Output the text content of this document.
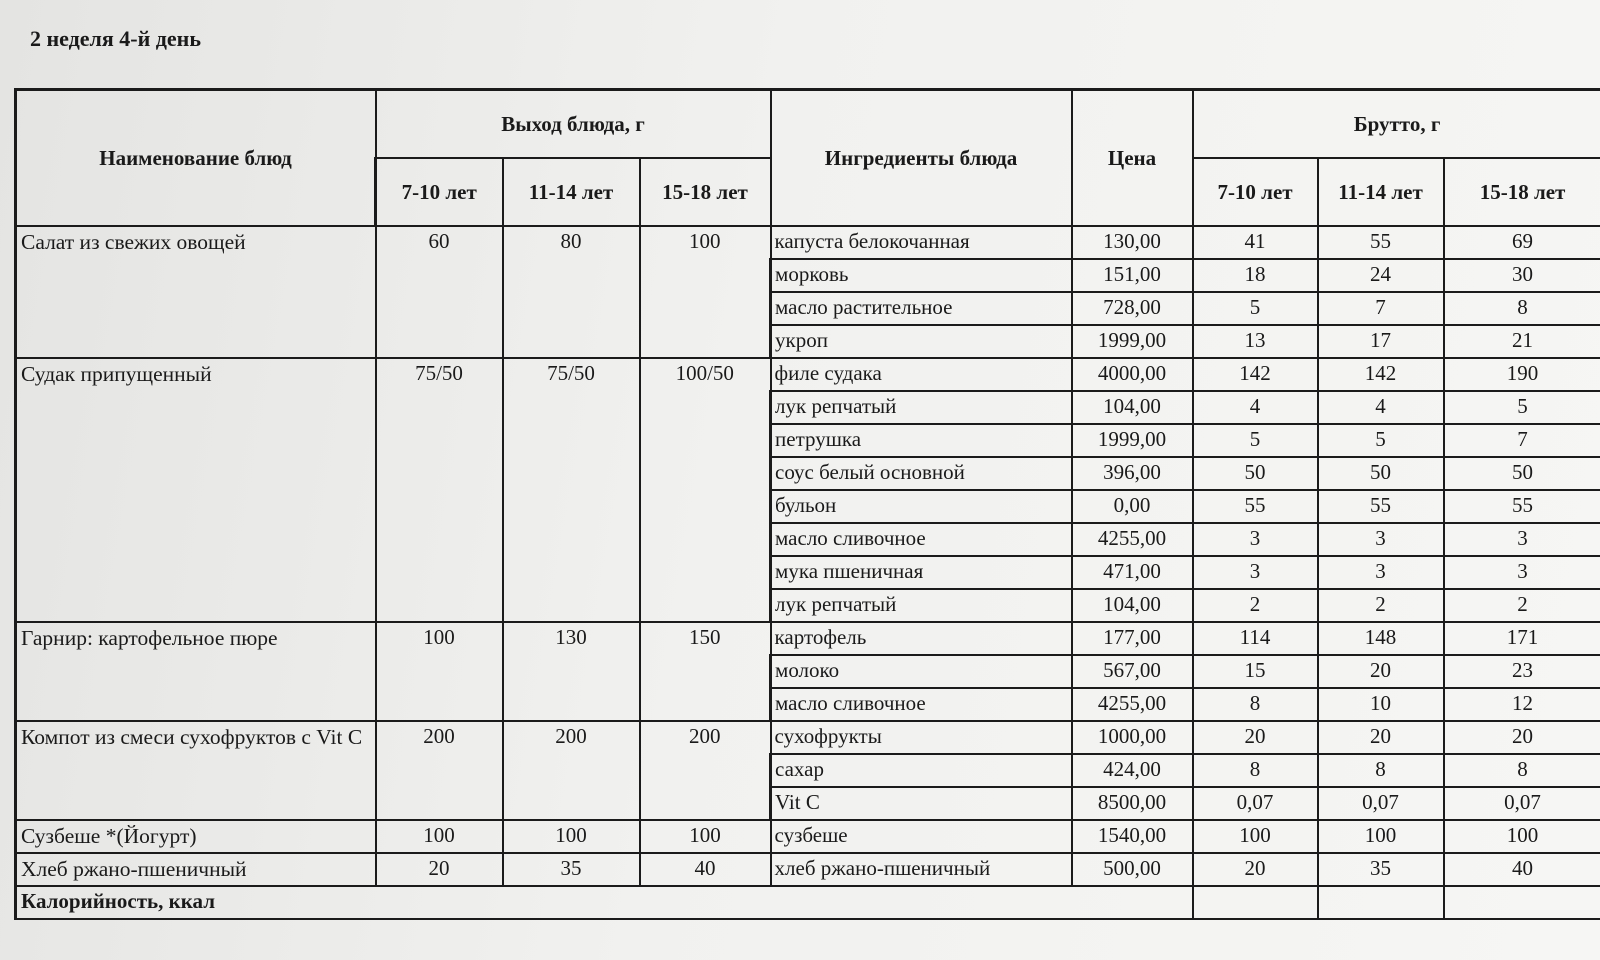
2 неделя 4-й день
Наименование блюд	Выход блюда, г			Ингредиенты блюда	Цена	Брутто, г		
	7-10 лет	11-14 лет	15-18 лет			7-10 лет	11-14 лет	15-18 лет
Салат из свежих овощей	60	80	100	капуста белокочанная	130,00	41	55	69
				морковь	151,00	18	24	30
				масло растительное	728,00	5	7	8
				укроп	1999,00	13	17	21
Судак припущенный	75/50	75/50	100/50	филе судака	4000,00	142	142	190
				лук репчатый	104,00	4	4	5
				петрушка	1999,00	5	5	7
				соус белый основной	396,00	50	50	50
				бульон	0,00	55	55	55
				масло сливочное	4255,00	3	3	3
				мука пшеничная	471,00	3	3	3
				лук репчатый	104,00	2	2	2
Гарнир: картофельное пюре	100	130	150	картофель	177,00	114	148	171
				молоко	567,00	15	20	23
				масло сливочное	4255,00	8	10	12
Компот из смеси сухофруктов с Vit C	200	200	200	сухофрукты	1000,00	20	20	20
				сахар	424,00	8	8	8
				Vit C	8500,00	0,07	0,07	0,07
Сузбеше *(Йогурт)	100	100	100	сузбеше	1540,00	100	100	100
Хлеб ржано-пшеничный	20	35	40	хлеб ржано-пшеничный	500,00	20	35	40
Калорийность, ккал								
